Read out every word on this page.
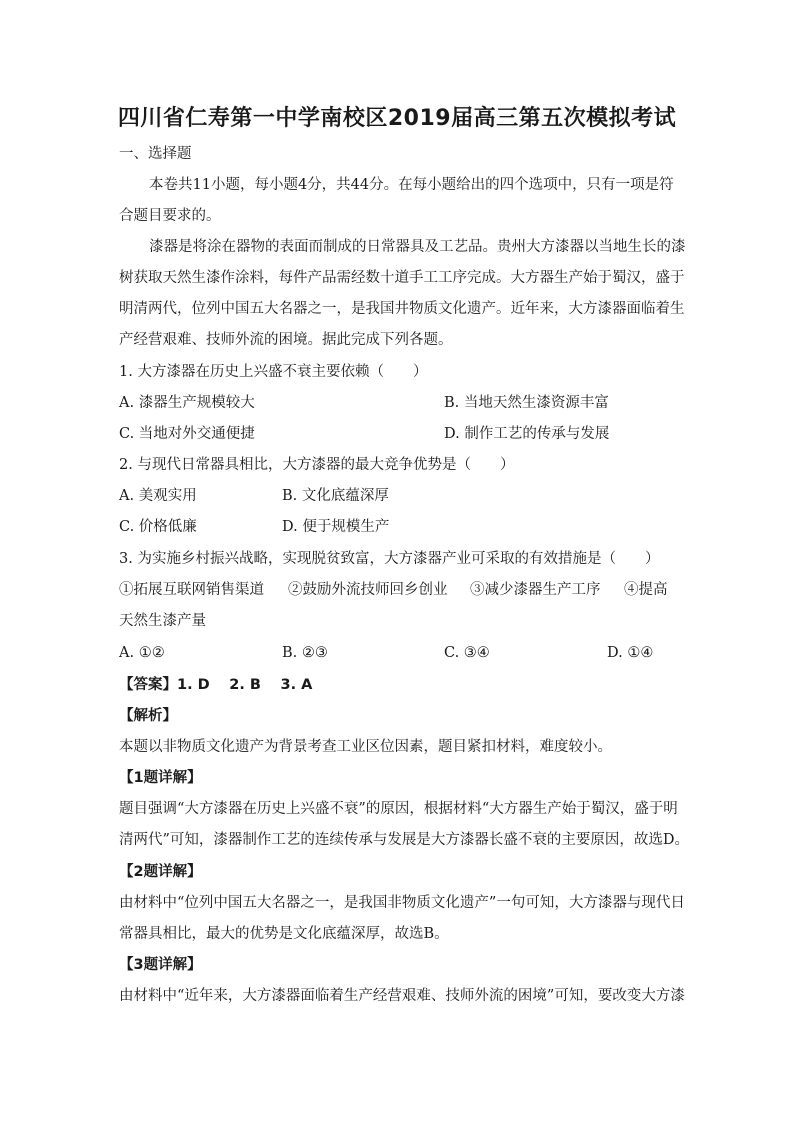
四川省仁寿第一中学南校区2019届高三第五次模拟考试
一、选择题
本卷共11小题，每小题4分，共44分。在每小题给出的四个选项中，只有一项是符
合题目要求的。
漆器是将涂在器物的表面而制成的日常器具及工艺品。贵州大方漆器以当地生长的漆
树获取天然生漆作涂料，每件产品需经数十道手工工序完成。大方器生产始于蜀汉，盛于
明清两代，位列中国五大名器之一，是我国井物质文化遗产。近年来，大方漆器面临着生
产经营艰难、技师外流的困境。据此完成下列各题。
1. 大方漆器在历史上兴盛不衰主要依赖（　　）
A. 漆器生产规模较大	B. 当地天然生漆资源丰富
C. 当地对外交通便捷	D. 制作工艺的传承与发展
2. 与现代日常器具相比，大方漆器的最大竞争优势是（　　）
A. 美观实用	B. 文化底蕴深厚
C. 价格低廉	D. 便于规模生产
3. 为实施乡村振兴战略，实现脱贫致富，大方漆器产业可采取的有效措施是（　　）
①拓展互联网销售渠道 ②鼓励外流技师回乡创业 ③减少漆器生产工序 ④提高
天然生漆产量
A. ①②	B. ②③	C. ③④	D. ①④
【答案】1. D　 2. B　 3. A
【解析】
本题以非物质文化遗产为背景考查工业区位因素，题目紧扣材料，难度较小。
【1题详解】
题目强调“大方漆器在历史上兴盛不衰”的原因，根据材料“大方器生产始于蜀汉，盛于明
清两代”可知，漆器制作工艺的连续传承与发展是大方漆器长盛不衰的主要原因，故选D。
【2题详解】
由材料中“位列中国五大名器之一，是我国非物质文化遗产”一句可知，大方漆器与现代日
常器具相比，最大的优势是文化底蕴深厚，故选B。
【3题详解】
由材料中“近年来，大方漆器面临着生产经营艰难、技师外流的困境”可知，要改变大方漆
